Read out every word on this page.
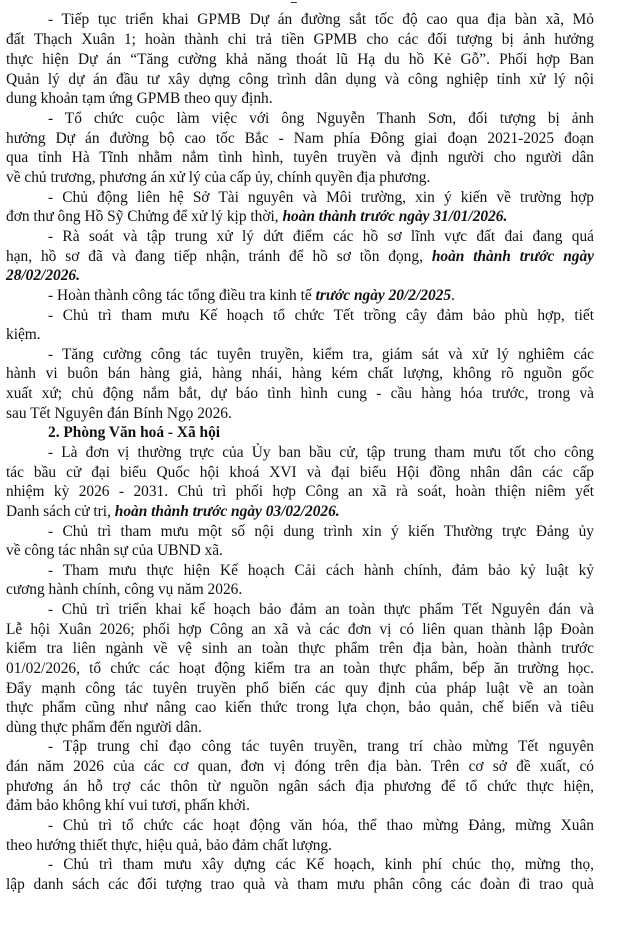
- Tiếp tục triển khai GPMB Dự án đường sắt tốc độ cao qua địa bàn xã, Mỏ
đất Thạch Xuân 1; hoàn thành chi trả tiền GPMB cho các đối tượng bị ảnh hưởng
thực hiện Dự án “Tăng cường khả năng thoát lũ Hạ du hồ Kẻ Gỗ”. Phối hợp Ban
Quản lý dự án đầu tư xây dựng công trình dân dụng và công nghiệp tỉnh xử lý nội
dung khoản tạm ứng GPMB theo quy định.
- Tổ chức cuộc làm việc với ông Nguyễn Thanh Sơn, đối tượng bị ảnh
hưởng Dự án đường bộ cao tốc Bắc - Nam phía Đông giai đoạn 2021-2025 đoạn
qua tỉnh Hà Tĩnh nhằm nắm tình hình, tuyên truyền và định người cho người dân
về chủ trương, phương án xử lý của cấp ủy, chính quyền địa phương.
- Chủ động liên hệ Sở Tài nguyên và Môi trường, xin ý kiến về trường hợp
đơn thư ông Hồ Sỹ Chửng để xử lý kịp thời, hoàn thành trước ngày 31/01/2026.
- Rà soát và tập trung xử lý dứt điểm các hồ sơ lĩnh vực đất đai đang quá
hạn, hồ sơ đã và đang tiếp nhận, tránh để hồ sơ tồn đọng, hoàn thành trước ngày
28/02/2026.
- Hoàn thành công tác tổng điều tra kinh tế trước ngày 20/2/2025.
- Chủ trì tham mưu Kế hoạch tổ chức Tết trồng cây đảm bảo phù hợp, tiết
kiệm.
- Tăng cường công tác tuyên truyền, kiểm tra, giám sát và xử lý nghiêm các
hành vi buôn bán hàng giả, hàng nhái, hàng kém chất lượng, không rõ nguồn gốc
xuất xứ; chủ động nắm bắt, dự báo tình hình cung - cầu hàng hóa trước, trong và
sau Tết Nguyên đán Bính Ngọ 2026.
2. Phòng Văn hoá - Xã hội
- Là đơn vị thường trực của Ủy ban bầu cử, tập trung tham mưu tốt cho công
tác bầu cử đại biểu Quốc hội khoá XVI và đại biểu Hội đồng nhân dân các cấp
nhiệm kỳ 2026 - 2031. Chủ trì phối hợp Công an xã rà soát, hoàn thiện niêm yết
Danh sách cử tri, hoàn thành trước ngày 03/02/2026.
- Chủ trì tham mưu một số nội dung trình xin ý kiến Thường trực Đảng ủy
về công tác nhân sự của UBND xã.
- Tham mưu thực hiện Kế hoạch Cải cách hành chính, đảm bảo kỷ luật kỷ
cương hành chính, công vụ năm 2026.
- Chủ trì triển khai kế hoạch bảo đảm an toàn thực phẩm Tết Nguyên đán và
Lễ hội Xuân 2026; phối hợp Công an xã và các đơn vị có liên quan thành lập Đoàn
kiểm tra liên ngành về vệ sinh an toàn thực phẩm trên địa bàn, hoàn thành trước
01/02/2026, tổ chức các hoạt động kiểm tra an toàn thực phẩm, bếp ăn trường học.
Đẩy mạnh công tác tuyên truyền phổ biến các quy định của pháp luật về an toàn
thực phẩm cũng như nâng cao kiến thức trong lựa chọn, bảo quản, chế biến và tiêu
dùng thực phẩm đến người dân.
- Tập trung chỉ đạo công tác tuyên truyền, trang trí chào mừng Tết nguyên
đán năm 2026 của các cơ quan, đơn vị đóng trên địa bàn. Trên cơ sở đề xuất, có
phương án hỗ trợ các thôn từ nguồn ngân sách địa phương để tổ chức thực hiện,
đảm bảo không khí vui tươi, phấn khởi.
- Chủ trì tổ chức các hoạt động văn hóa, thể thao mừng Đảng, mừng Xuân
theo hướng thiết thực, hiệu quả, bảo đảm chất lượng.
- Chủ trì tham mưu xây dựng các Kế hoạch, kinh phí chúc thọ, mừng thọ,
lập danh sách các đối tượng trao quà và tham mưu phân công các đoàn đi trao quà
